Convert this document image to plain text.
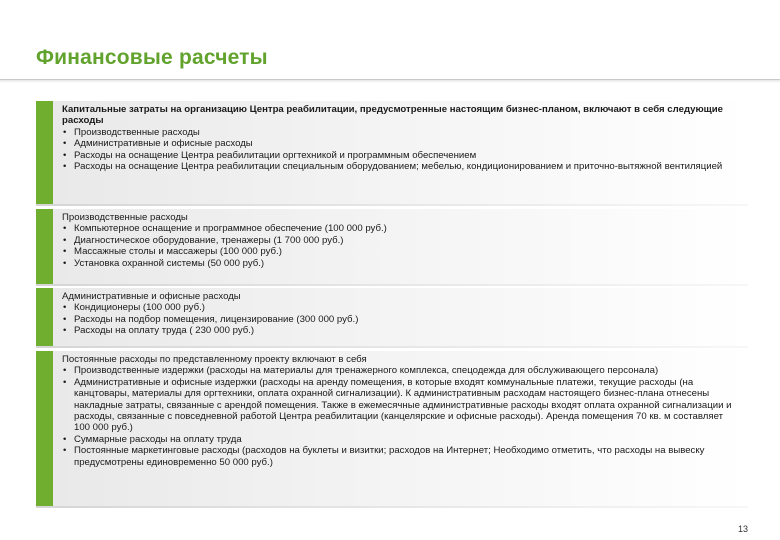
Финансовые расчеты
Капитальные затраты на организацию Центра реабилитации, предусмотренные настоящим бизнес-планом, включают в себя следующие расходы
• Производственные расходы
• Административные и офисные расходы
• Расходы на оснащение Центра реабилитации оргтехникой и программным обеспечением
• Расходы на оснащение Центра реабилитации специальным оборудованием; мебелью, кондиционированием и приточно-вытяжной вентиляцией
Производственные расходы
• Компьютерное оснащение и программное обеспечение (100 000 руб.)
• Диагностическое оборудование, тренажеры (1 700 000 руб.)
• Массажные столы и массажеры (100 000 руб.)
• Установка охранной системы (50 000 руб.)
Административные и офисные расходы
• Кондиционеры (100 000 руб.)
• Расходы на подбор помещения, лицензирование (300 000 руб.)
• Расходы на оплату труда ( 230 000 руб.)
Постоянные расходы по представленному проекту включают в себя
• Производственные издержки (расходы на материалы для тренажерного комплекса, спецодежда для обслуживающего персонала)
• Административные и офисные издержки (расходы на аренду помещения, в которые входят коммунальные платежи, текущие расходы (на канцтовары, материалы для оргтехники, оплата охранной сигнализации). К административным расходам настоящего бизнес-плана отнесены накладные затраты, связанные с арендой помещения. Также в ежемесячные административные расходы входят оплата охранной сигнализации и расходы, связанные с повседневной работой Центра реабилитации (канцелярские и офисные расходы). Аренда помещения 70 кв. м составляет 100 000 руб.)
• Суммарные расходы на оплату труда
• Постоянные маркетинговые расходы (расходов на буклеты и визитки; расходов на Интернет; Необходимо отметить, что расходы на вывеску предусмотрены единовременно 50 000 руб.)
13
